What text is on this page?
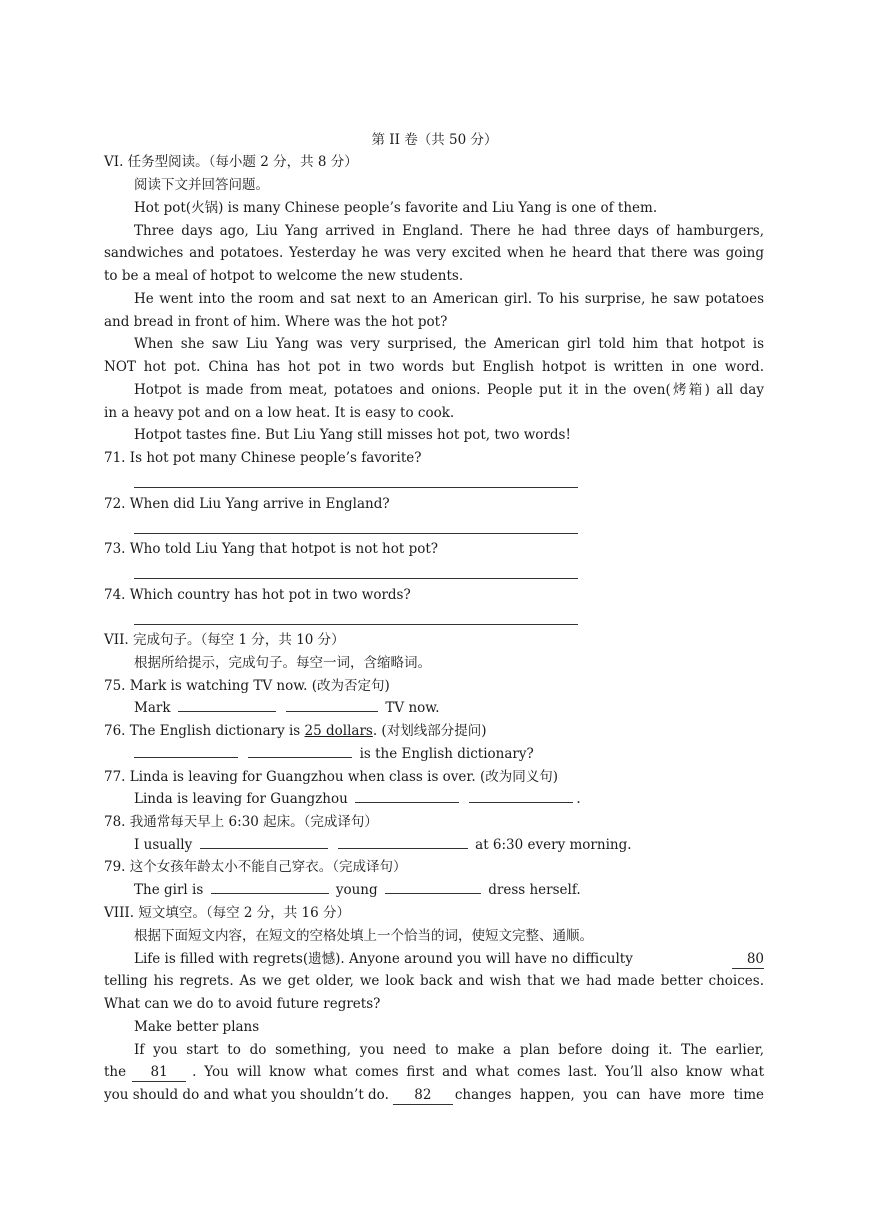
第 II 卷（共 50 分）
VI. 任务型阅读。（每小题 2 分，共 8 分）
阅读下文并回答问题。
Hot pot(火锅) is many Chinese people’s favorite and Liu Yang is one of them.
Three days ago, Liu Yang arrived in England. There he had three days of hamburgers,
sandwiches and potatoes. Yesterday he was very excited when he heard that there was going
to be a meal of hotpot to welcome the new students.
He went into the room and sat next to an American girl. To his surprise, he saw potatoes
and bread in front of him. Where was the hot pot?
When she saw Liu Yang was very surprised, the American girl told him that hotpot is
NOT hot pot. China has hot pot in two words but English hotpot is written in one word.
Hotpot is made from meat, potatoes and onions. People put it in the oven(烤箱) all day
in a heavy pot and on a low heat. It is easy to cook.
Hotpot tastes fine. But Liu Yang still misses hot pot, two words!
71. Is hot pot many Chinese people’s favorite?
72. When did Liu Yang arrive in England?
73. Who told Liu Yang that hotpot is not hot pot?
74. Which country has hot pot in two words?
VII. 完成句子。（每空 1 分，共 10 分）
根据所给提示，完成句子。每空一词，含缩略词。
75. Mark is watching TV now. (改为否定句)
Mark	TV now.
76. The English dictionary is 25 dollars. (对划线部分提问)
is the English dictionary?
77. Linda is leaving for Guangzhou when class is over. (改为同义句)
Linda is leaving for Guangzhou	.
78. 我通常每天早上 6:30 起床。（完成译句）
I usually	at 6:30 every morning.
79. 这个女孩年龄太小不能自己穿衣。（完成译句）
The girl is	young	dress herself.
VIII. 短文填空。（每空 2 分，共 16 分）
根据下面短文内容，在短文的空格处填上一个恰当的词，使短文完整、通顺。
Life is filled with regrets(遗憾). Anyone around you will have no difficulty	80
telling his regrets. As we get older, we look back and wish that we had made better choices.
What can we do to avoid future regrets?
Make better plans
If you start to do something, you need to make a plan before doing it. The earlier,
the	81	. You will know what comes first and what comes last. You’ll also know what
you should do and what you shouldn’t do.	82	changes happen, you can have more time
